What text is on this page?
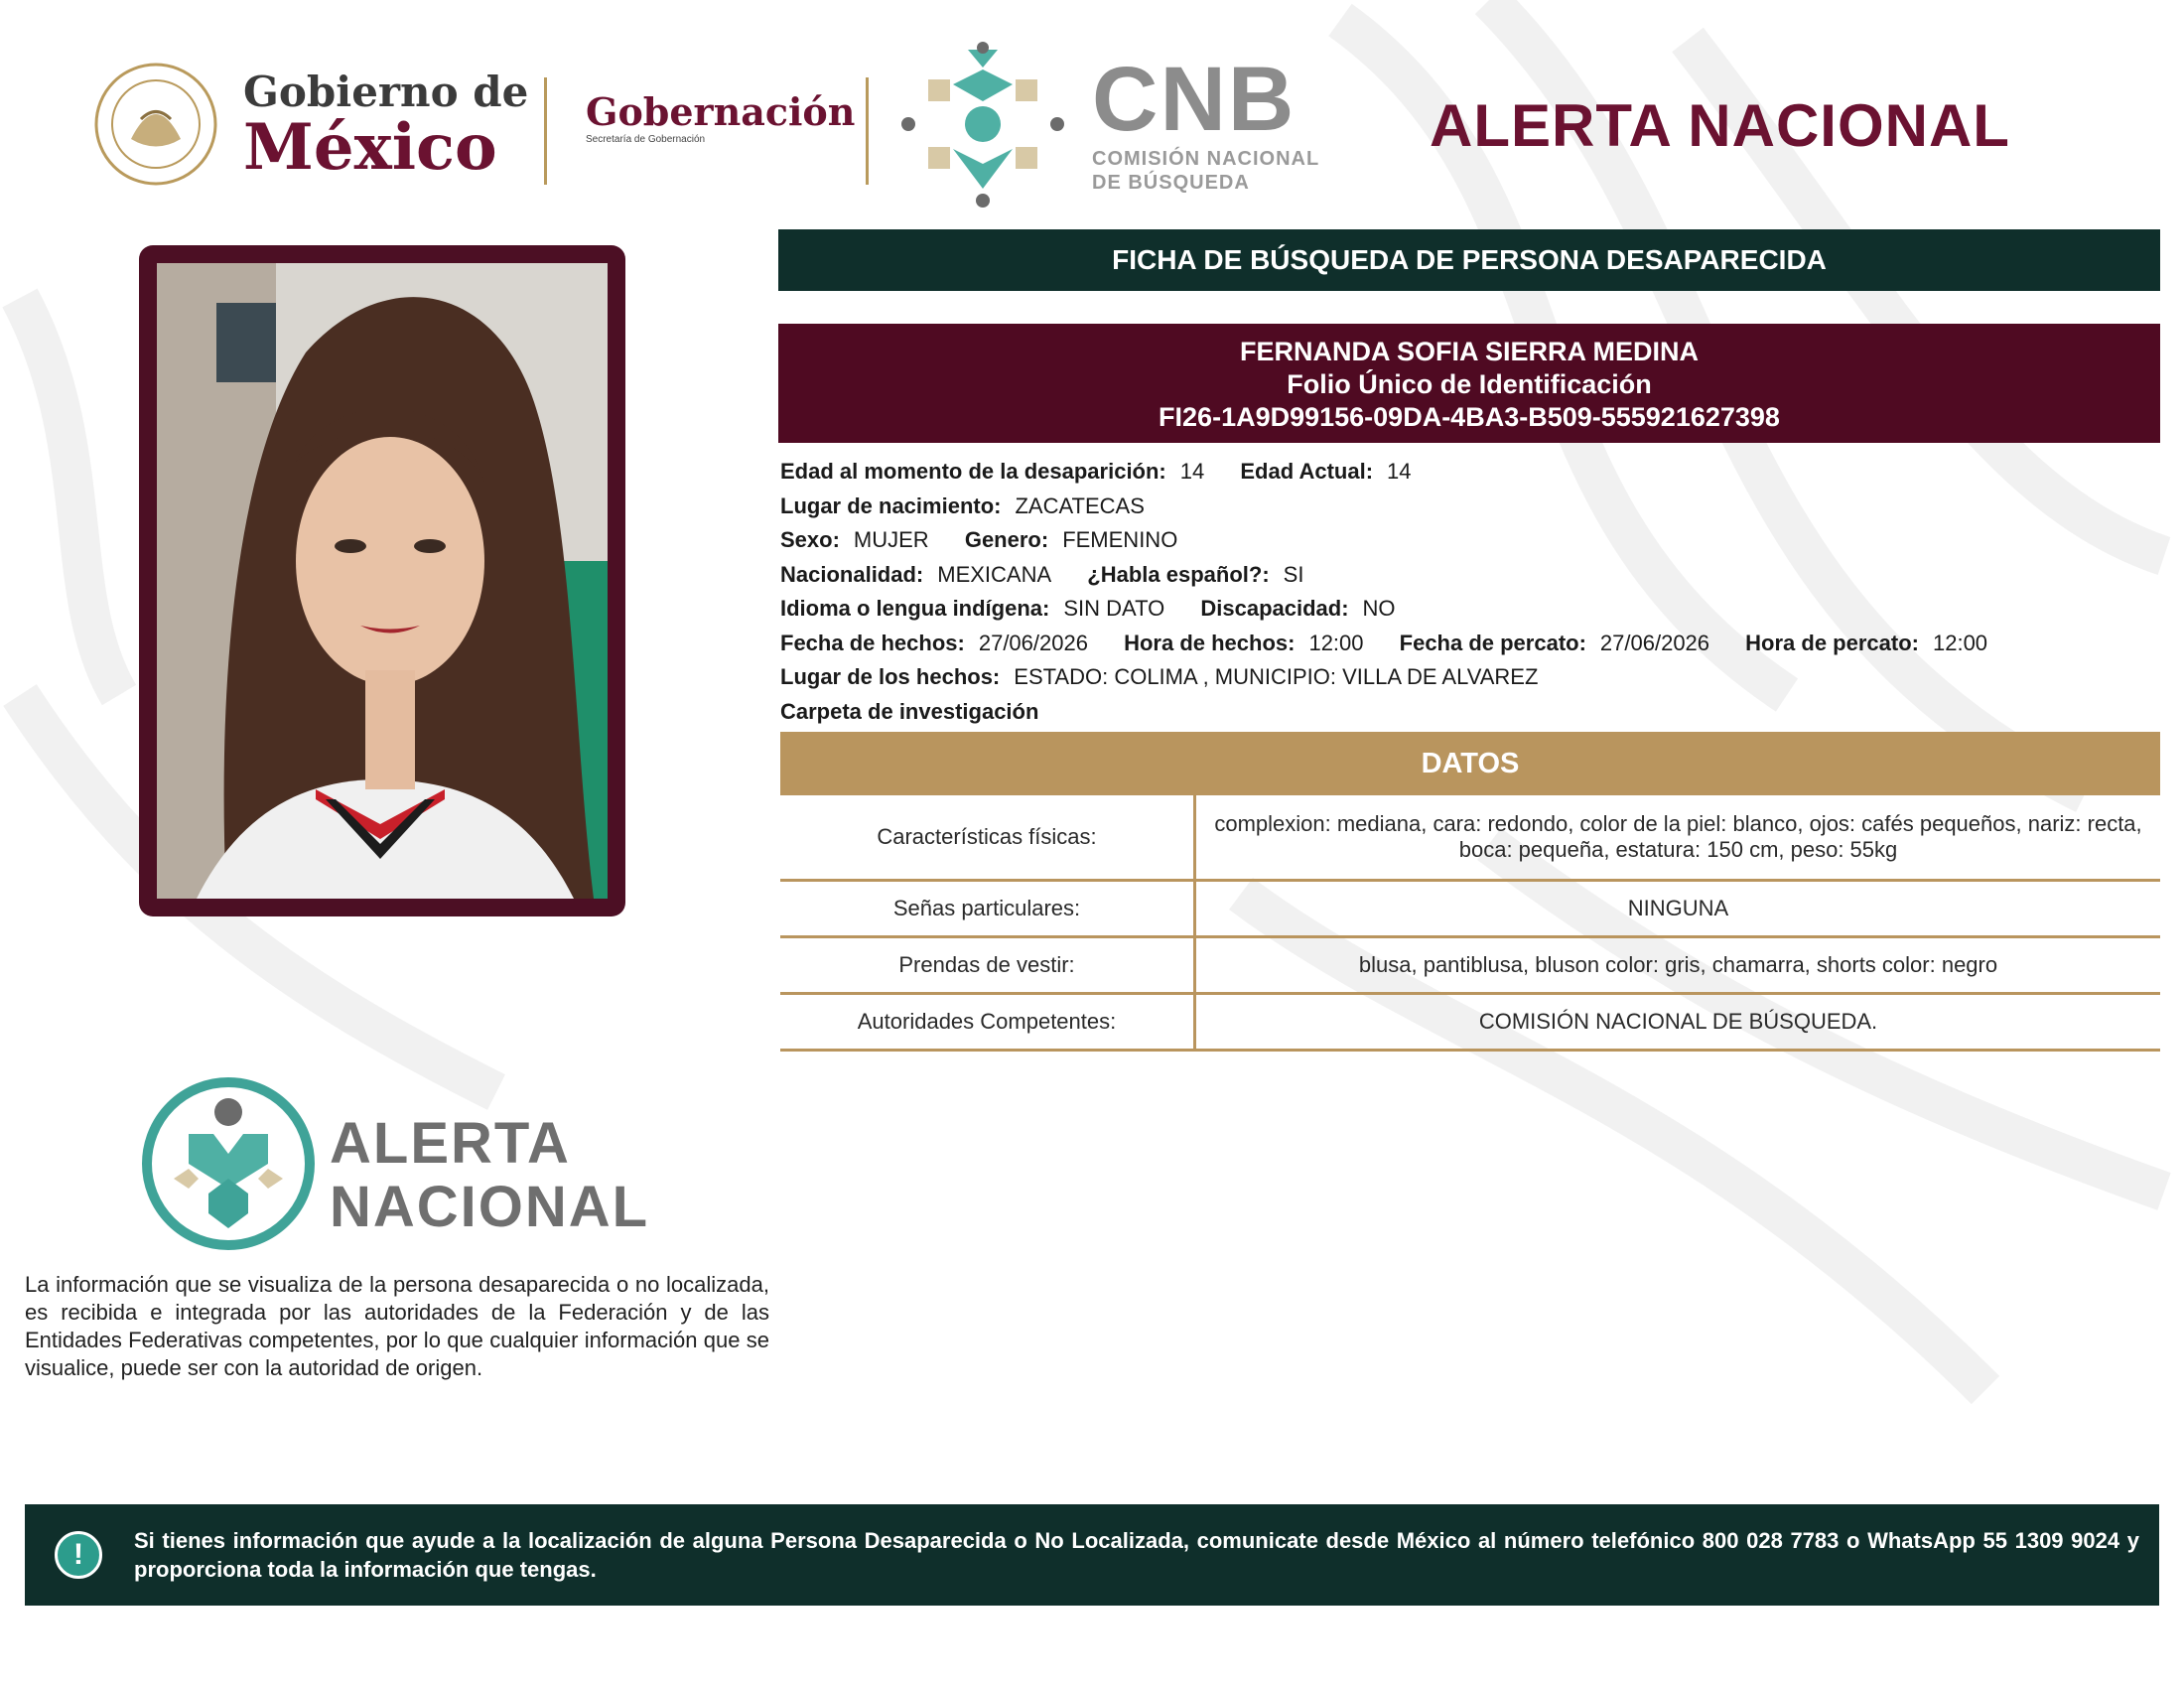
Gobierno de
México	Gobernación
Secretaría de Gobernación	CNB
COMISIÓN NACIONAL
DE BÚSQUEDA
ALERTA NACIONAL
FICHA DE BÚSQUEDA DE PERSONA DESAPARECIDA
FERNANDA SOFIA SIERRA MEDINA
Folio Único de Identificación
FI26-1A9D99156-09DA-4BA3-B509-555921627398
Edad al momento de la desaparición: 14 Edad Actual: 14
Lugar de nacimiento: ZACATECAS
Sexo: MUJER Genero: FEMENINO
Nacionalidad: MEXICANA ¿Habla español?: SI
Idioma o lengua indígena: SIN DATO Discapacidad: NO
Fecha de hechos: 27/06/2026 Hora de hechos: 12:00 Fecha de percato: 27/06/2026 Hora de percato: 12:00
Lugar de los hechos: ESTADO: COLIMA , MUNICIPIO: VILLA DE ALVAREZ
Carpeta de investigación
DATOS
Características físicas:	complexion: mediana, cara: redondo, color de la piel: blanco, ojos: cafés pequeños, nariz: recta, boca: pequeña, estatura: 150 cm, peso: 55kg
Señas particulares:	NINGUNA
Prendas de vestir:	blusa, pantiblusa, bluson color: gris, chamarra, shorts color: negro
Autoridades Competentes:	COMISIÓN NACIONAL DE BÚSQUEDA.
ALERTA
NACIONAL
La información que se visualiza de la persona desaparecida o no localizada, es recibida e integrada por las autoridades de la Federación y de las Entidades Federativas competentes, por lo que cualquier información que se visualice, puede ser con la autoridad de origen.
!	Si tienes información que ayude a la localización de alguna Persona Desaparecida o No Localizada, comunicate desde México al número telefónico 800 028 7783 o WhatsApp 55 1309 9024 y proporciona toda la información que tengas.
